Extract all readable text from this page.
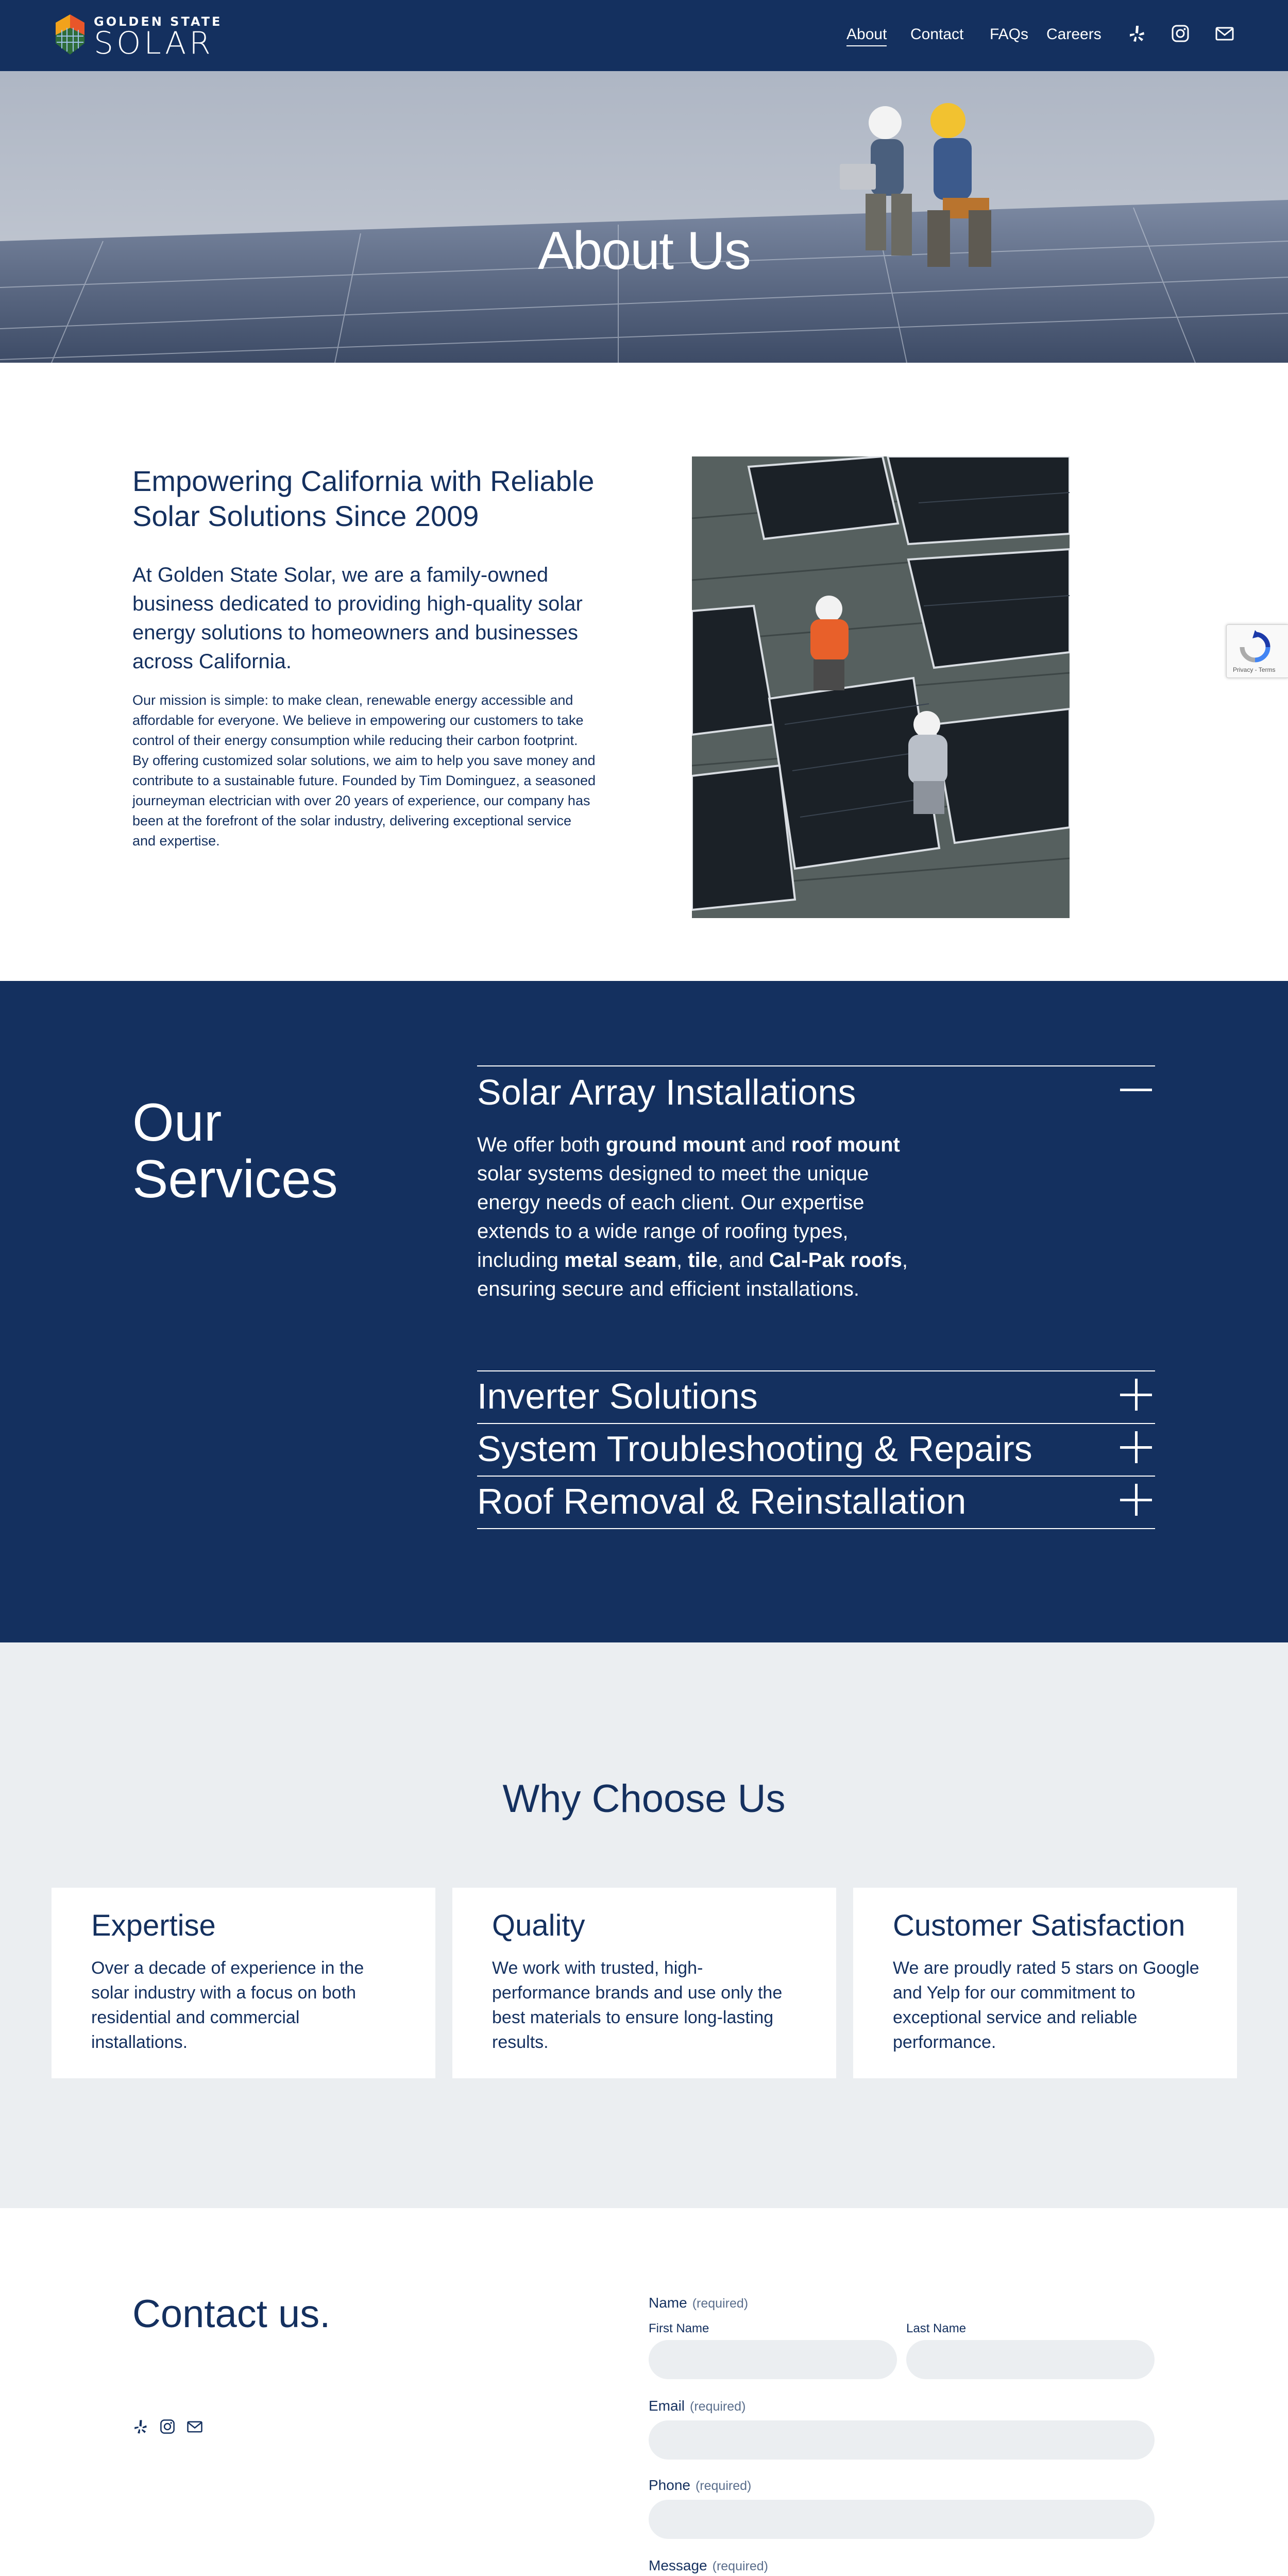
GOLDEN STATE
SOLAR	About Contact FAQs Careers
About Us
Empowering California with Reliable Solar Solutions Since 2009
At Golden State Solar, we are a family-owned business dedicated to providing high-quality solar energy solutions to homeowners and businesses across California.
Our mission is simple: to make clean, renewable energy accessible and affordable for everyone. We believe in empowering our customers to take control of their energy consumption while reducing their carbon footprint. By offering customized solar solutions, we aim to help you save money and contribute to a sustainable future. Founded by Tim Dominguez, a seasoned journeyman electrician with over 20 years of experience, our company has been at the forefront of the solar industry, delivering exceptional service and expertise.
Our
Services
Solar Array Installations
We offer both ground mount and roof mount solar systems designed to meet the unique energy needs of each client. Our expertise extends to a wide range of roofing types, including metal seam, tile, and Cal-Pak roofs, ensuring secure and efficient installations.
Inverter Solutions
System Troubleshooting & Repairs
Roof Removal & Reinstallation
Why Choose Us
Expertise
Over a decade of experience in the solar industry with a focus on both residential and commercial installations.
Quality
We work with trusted, high-performance brands and use only the best materials to ensure long-lasting results.
Customer Satisfaction
We are proudly rated 5 stars on Google and Yelp for our commitment to exceptional service and reliable performance.
Contact us.	Name (required)
First Name	Last Name
Email (required)
Phone (required)
Message (required)
Privacy - Terms
